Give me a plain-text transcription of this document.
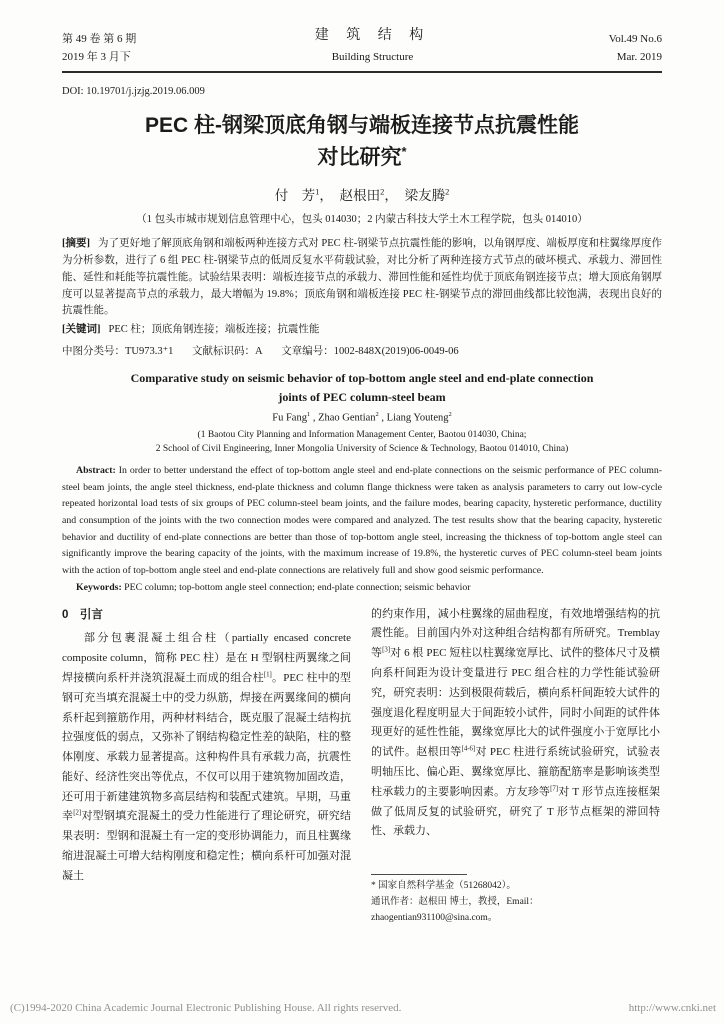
第 49 卷 第 6 期
2019 年 3 月下
建 筑 结 构
Building Structure
Vol.49 No.6
Mar. 2019
DOI: 10.19701/j.jzjg.2019.06.009
PEC 柱-钢梁顶底角钢与端板连接节点抗震性能
对比研究*
付　芳$^1$，　赵根田$^2$，　梁友腾$^2$
（1 包头市城市规划信息管理中心，包头 014030；2 内蒙古科技大学土木工程学院，包头 014010）

[摘要] 为了更好地了解顶底角钢和端板两种连接方式对 PEC 柱-钢梁节点抗震性能的影响，以角钢厚度、端板厚度和柱翼缘厚度作为分析参数，进行了 6 组 PEC 柱-钢梁节点的低周反复水平荷载试验，对比分析了两种连接方式节点的破坏模式、承载力、滞回性能、延性和耗能等抗震性能。试验结果表明：端板连接节点的承载力、滞回性能和延性均优于顶底角钢连接节点；增大顶底角钢厚度可以显著提高节点的承载力，最大增幅为 19.8%；顶底角钢和端板连接 PEC 柱-钢梁节点的滞回曲线都比较饱满，表现出良好的抗震性能。

[关键词] PEC 柱；顶底角钢连接；端板连接；抗震性能

中图分类号：TU973.3⁺1 文献标识码：A 文章编号：1002-848X(2019)06-0049-06
Comparative study on seismic behavior of top-bottom angle steel and end-plate connection
joints of PEC column-steel beam
Fu Fang$^1$ , Zhao Gentian$^2$ , Liang Youteng$^2$
(1 Baotou City Planning and Information Management Center, Baotou 014030, China;
2 School of Civil Engineering, Inner Mongolia University of Science & Technology, Baotou 014010, China)

Abstract: In order to better understand the effect of top-bottom angle steel and end-plate connections on the seismic performance of PEC column-steel beam joints, the angle steel thickness, end-plate thickness and column flange thickness were taken as analysis parameters to carry out low-cycle repeated horizontal load tests of six groups of PEC column-steel beam joints, and the failure modes, bearing capacity, hysteretic performance, ductility and consumption of the joints with the two connection modes were compared and analyzed. The test results show that the bearing capacity, hysteretic behavior and ductility of end-plate connections are better than those of top-bottom angle steel, increasing the thickness of top-bottom angle steel can significantly improve the bearing capacity of the joints, with the maximum increase of 19.8%, the hysteretic curves of PEC column-steel beam joints with the action of top-bottom angle steel and end-plate connections are relatively full and show good seismic performance.

Keywords: PEC column; top-bottom angle steel connection; end-plate connection; seismic behavior

0　引言

部分包裹混凝土组合柱（partially encased concrete composite column，简称 PEC 柱）是在 H 型钢柱两翼缘之间焊接横向系杆并浇筑混凝土而成的组合柱[1]。PEC 柱中的型钢可充当填充混凝土中的受力纵筋，焊接在两翼缘间的横向系杆起到箍筋作用，两种材料结合，既克服了混凝土结构抗拉强度低的弱点，又弥补了钢结构稳定性差的缺陷，柱的整体刚度、承载力显著提高。这种构件具有承载力高，抗震性能好、经济性突出等优点，不仅可以用于建筑物加固改造，还可用于新建建筑物多高层结构和装配式建筑。早期，马重幸[2]对型钢填充混凝土的受力性能进行了理论研究，研究结果表明：型钢和混凝土有一定的变形协调能力，而且柱翼缘缩进混凝土可增大结构刚度和稳定性；横向系杆可加强对混凝土

的约束作用，减小柱翼缘的屈曲程度，有效地增强结构的抗震性能。目前国内外对这种组合结构都有所研究。Tremblay 等[3]对 6 根 PEC 短柱以柱翼缘宽厚比、试件的整体尺寸及横向系杆间距为设计变量进行 PEC 组合柱的力学性能试验研究，研究表明：达到极限荷载后，横向系杆间距较大试件的强度退化程度明显大于间距较小试件，同时小间距的试件体现更好的延性性能，翼缘宽厚比大的试件强度小于宽厚比小的试件。赵根田等[4-6]对 PEC 柱进行系统试验研究，试验表明轴压比、偏心距、翼缘宽厚比、箍筋配筋率是影响该类型柱承载力的主要影响因素。方友珍等[7]对 T 形节点连接框架做了低周反复的试验研究，研究了 T 形节点框架的滞回特性、承载力、

* 国家自然科学基金（51268042）。
通讯作者：赵根田 博士，教授，Email：zhaogentian931100@sina.com。
(C)1994-2020 China Academic Journal Electronic Publishing House. All rights reserved.	http://www.cnki.net
